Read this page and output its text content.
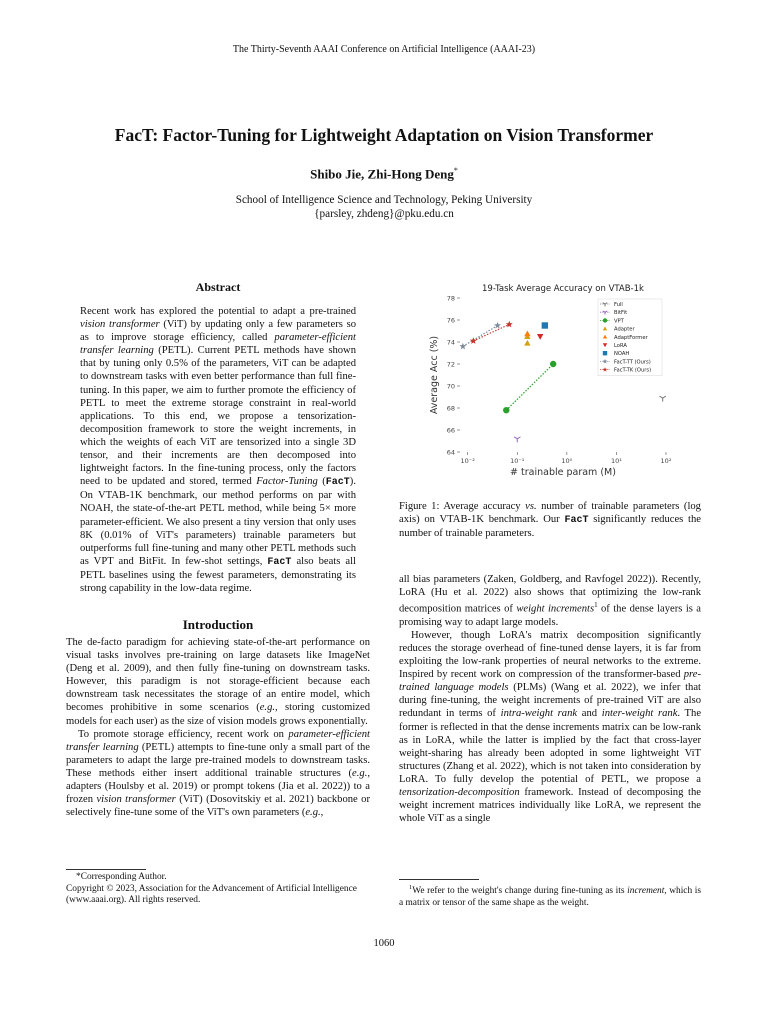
The Thirty-Seventh AAAI Conference on Artificial Intelligence (AAAI-23)
FacT: Factor-Tuning for Lightweight Adaptation on Vision Transformer
Shibo Jie, Zhi-Hong Deng*
School of Intelligence Science and Technology, Peking University
{parsley, zhdeng}@pku.edu.cn
Abstract

Recent work has explored the potential to adapt a pre-trained vision transformer (ViT) by updating only a few parameters so as to improve storage efficiency, called parameter-efficient transfer learning (PETL). Current PETL methods have shown that by tuning only 0.5% of the parameters, ViT can be adapted to downstream tasks with even better performance than full fine-tuning. In this paper, we aim to further promote the efficiency of PETL to meet the extreme storage constraint in real-world applications. To this end, we propose a tensorization-decomposition framework to store the weight increments, in which the weights of each ViT are tensorized into a single 3D tensor, and their increments are then decomposed into lightweight factors. In the fine-tuning process, only the factors need to be updated and stored, termed Factor-Tuning (FacT). On VTAB-1K benchmark, our method performs on par with NOAH, the state-of-the-art PETL method, while being 5× more parameter-efficient. We also present a tiny version that only uses 8K (0.01% of ViT's parameters) trainable parameters but outperforms full fine-tuning and many other PETL methods such as VPT and BitFit. In few-shot settings, FacT also beats all PETL baselines using the fewest parameters, demonstrating its strong capability in the low-data regime.

Introduction

The de-facto paradigm for achieving state-of-the-art performance on visual tasks involves pre-training on large datasets like ImageNet (Deng et al. 2009), and then fully fine-tuning on downstream tasks. However, this paradigm is not storage-efficient because each downstream task necessitates the storage of an entire model, which becomes prohibitive in some scenarios (e.g., storing customized models for each user) as the size of vision models grows exponentially.

To promote storage efficiency, recent work on parameter-efficient transfer learning (PETL) attempts to fine-tune only a small part of the parameters to adapt the large pre-trained models to downstream tasks. These methods either insert additional trainable structures (e.g., adapters (Houlsby et al. 2019) or prompt tokens (Jia et al. 2022)) to a frozen vision transformer (ViT) (Dosovitskiy et al. 2021) backbone or selectively fine-tune some of the ViT's own parameters (e.g.,

*Corresponding Author.
Copyright © 2023, Association for the Advancement of Artificial Intelligence (www.aaai.org). All rights reserved.
19-Task Average Accuracy on VTAB-1k
64
66
68
70
72
74
76
78
10⁻²	10⁻¹	10⁰	10¹	10²
Full
BitFit
VPT
Adapter
AdaptFormer
LoRA
NOAH
FacT-TT (Ours)
FacT-TK (Ours)
# trainable param (M)
Average Acc (%)
Figure 1: Average accuracy vs. number of trainable parameters (log axis) on VTAB-1K benchmark. Our FacT significantly reduces the number of trainable parameters.

all bias parameters (Zaken, Goldberg, and Ravfogel 2022)). Recently, LoRA (Hu et al. 2022) also shows that optimizing the low-rank decomposition matrices of weight increments$^1$ of the dense layers is a promising way to adapt large models.

However, though LoRA's matrix decomposition significantly reduces the storage overhead of fine-tuned dense layers, it is far from exploiting the low-rank properties of neural networks to the extreme. Inspired by recent work on compression of the transformer-based pre-trained language models (PLMs) (Wang et al. 2022), we infer that during fine-tuning, the weight increments of pre-trained ViT are also redundant in terms of intra-weight rank and inter-weight rank. The former is reflected in that the dense increments matrix can be low-rank as in LoRA, while the latter is implied by the fact that cross-layer weight-sharing has already been adopted in some lightweight ViT structures (Zhang et al. 2022), which is not taken into consideration by LoRA. To fully develop the potential of PETL, we propose a tensorization-decomposition framework. Instead of decomposing the weight increment matrices individually like LoRA, we represent the whole ViT as a single

$^1$We refer to the weight's change during fine-tuning as its increment, which is a matrix or tensor of the same shape as the weight.
1060
